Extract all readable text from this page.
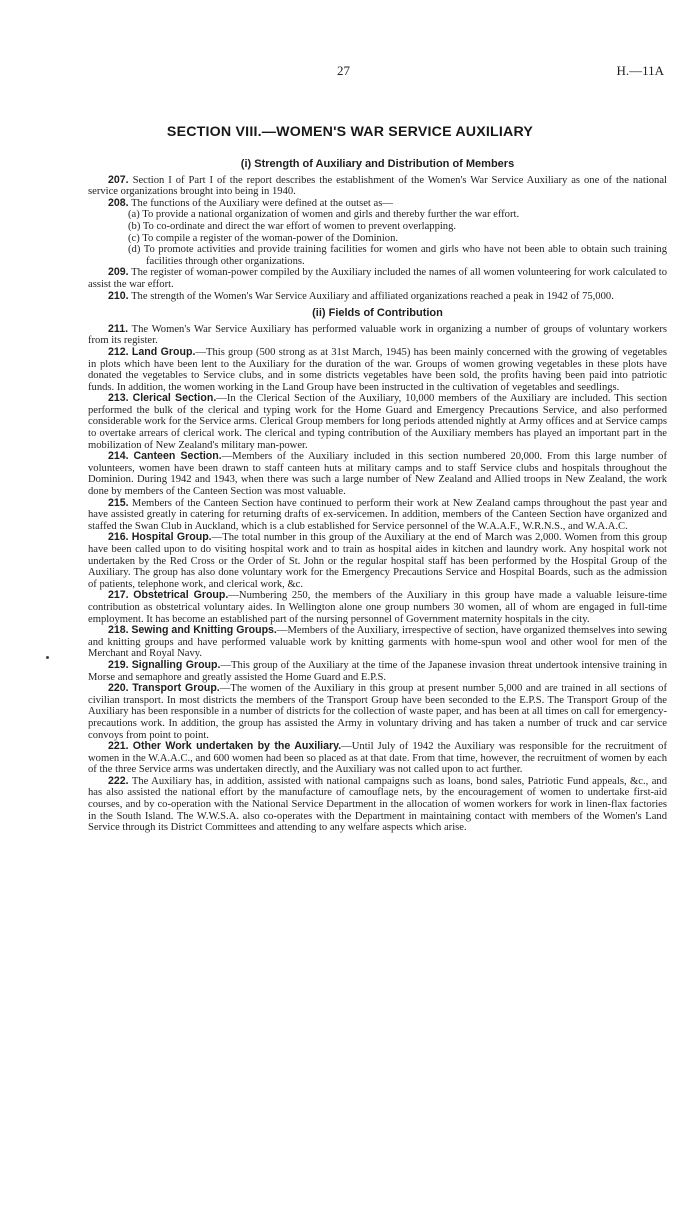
27	H.—11A
SECTION VIII.—WOMEN'S WAR SERVICE AUXILIARY
(i) Strength of Auxiliary and Distribution of Members

207. Section I of Part I of the report describes the establishment of the Women's War Service Auxiliary as one of the national service organizations brought into being in 1940.

208. The functions of the Auxiliary were defined at the outset as—

(a) To provide a national organization of women and girls and thereby further the war effort.
(b) To co-ordinate and direct the war effort of women to prevent overlapping.
(c) To compile a register of the woman-power of the Dominion.
(d) To promote activities and provide training facilities for women and girls who have not been able to obtain such training facilities through other organizations.

209. The register of woman-power compiled by the Auxiliary included the names of all women volunteering for work calculated to assist the war effort.

210. The strength of the Women's War Service Auxiliary and affiliated organizations reached a peak in 1942 of 75,000.

(ii) Fields of Contribution

211. The Women's War Service Auxiliary has performed valuable work in organizing a number of groups of voluntary workers from its register.

212. Land Group.—This group (500 strong as at 31st March, 1945) has been mainly concerned with the growing of vegetables in plots which have been lent to the Auxiliary for the duration of the war. Groups of women growing vegetables in these plots have donated the vegetables to Service clubs, and in some districts vegetables have been sold, the profits having been paid into patriotic funds. In addition, the women working in the Land Group have been instructed in the cultivation of vegetables and seedlings.

213. Clerical Section.—In the Clerical Section of the Auxiliary, 10,000 members of the Auxiliary are included. This section performed the bulk of the clerical and typing work for the Home Guard and Emergency Precautions Service, and also performed considerable work for the Service arms. Clerical Group members for long periods attended nightly at Army offices and at Service camps to overtake arrears of clerical work. The clerical and typing contribution of the Auxiliary members has played an important part in the mobilization of New Zealand's military man-power.

214. Canteen Section.—Members of the Auxiliary included in this section numbered 20,000. From this large number of volunteers, women have been drawn to staff canteen huts at military camps and to staff Service clubs and hospitals throughout the Dominion. During 1942 and 1943, when there was such a large number of New Zealand and Allied troops in New Zealand, the work done by members of the Canteen Section was most valuable.

215. Members of the Canteen Section have continued to perform their work at New Zealand camps throughout the past year and have assisted greatly in catering for returning drafts of ex-servicemen. In addition, members of the Canteen Section have organized and staffed the Swan Club in Auckland, which is a club established for Service personnel of the W.A.A.F., W.R.N.S., and W.A.A.C.

216. Hospital Group.—The total number in this group of the Auxiliary at the end of March was 2,000. Women from this group have been called upon to do visiting hospital work and to train as hospital aides in kitchen and laundry work. Any hospital work not undertaken by the Red Cross or the Order of St. John or the regular hospital staff has been performed by the Hospital Group of the Auxiliary. The group has also done voluntary work for the Emergency Precautions Service and Hospital Boards, such as the admission of patients, telephone work, and clerical work, &c.

217. Obstetrical Group.—Numbering 250, the members of the Auxiliary in this group have made a valuable leisure-time contribution as obstetrical voluntary aides. In Wellington alone one group numbers 30 women, all of whom are engaged in full-time employment. It has become an established part of the nursing personnel of Government maternity hospitals in the city.

218. Sewing and Knitting Groups.—Members of the Auxiliary, irrespective of section, have organized themselves into sewing and knitting groups and have performed valuable work by knitting garments with home-spun wool and other wool for men of the Merchant and Royal Navy.

219. Signalling Group.—This group of the Auxiliary at the time of the Japanese invasion threat undertook intensive training in Morse and semaphore and greatly assisted the Home Guard and E.P.S.

220. Transport Group.—The women of the Auxiliary in this group at present number 5,000 and are trained in all sections of civilian transport. In most districts the members of the Transport Group have been seconded to the E.P.S. The Transport Group of the Auxiliary has been responsible in a number of districts for the collection of waste paper, and has been at all times on call for emergency-precautions work. In addition, the group has assisted the Army in voluntary driving and has taken a number of truck and car service convoys from point to point.

221. Other Work undertaken by the Auxiliary.—Until July of 1942 the Auxiliary was responsible for the recruitment of women in the W.A.A.C., and 600 women had been so placed as at that date. From that time, however, the recruitment of women by each of the three Service arms was undertaken directly, and the Auxiliary was not called upon to act further.

222. The Auxiliary has, in addition, assisted with national campaigns such as loans, bond sales, Patriotic Fund appeals, &c., and has also assisted the national effort by the manufacture of camouflage nets, by the encouragement of women to undertake first-aid courses, and by co-operation with the National Service Department in the allocation of women workers for work in linen-flax factories in the South Island. The W.W.S.A. also co-operates with the Department in maintaining contact with members of the Women's Land Service through its District Committees and attending to any welfare aspects which arise.
